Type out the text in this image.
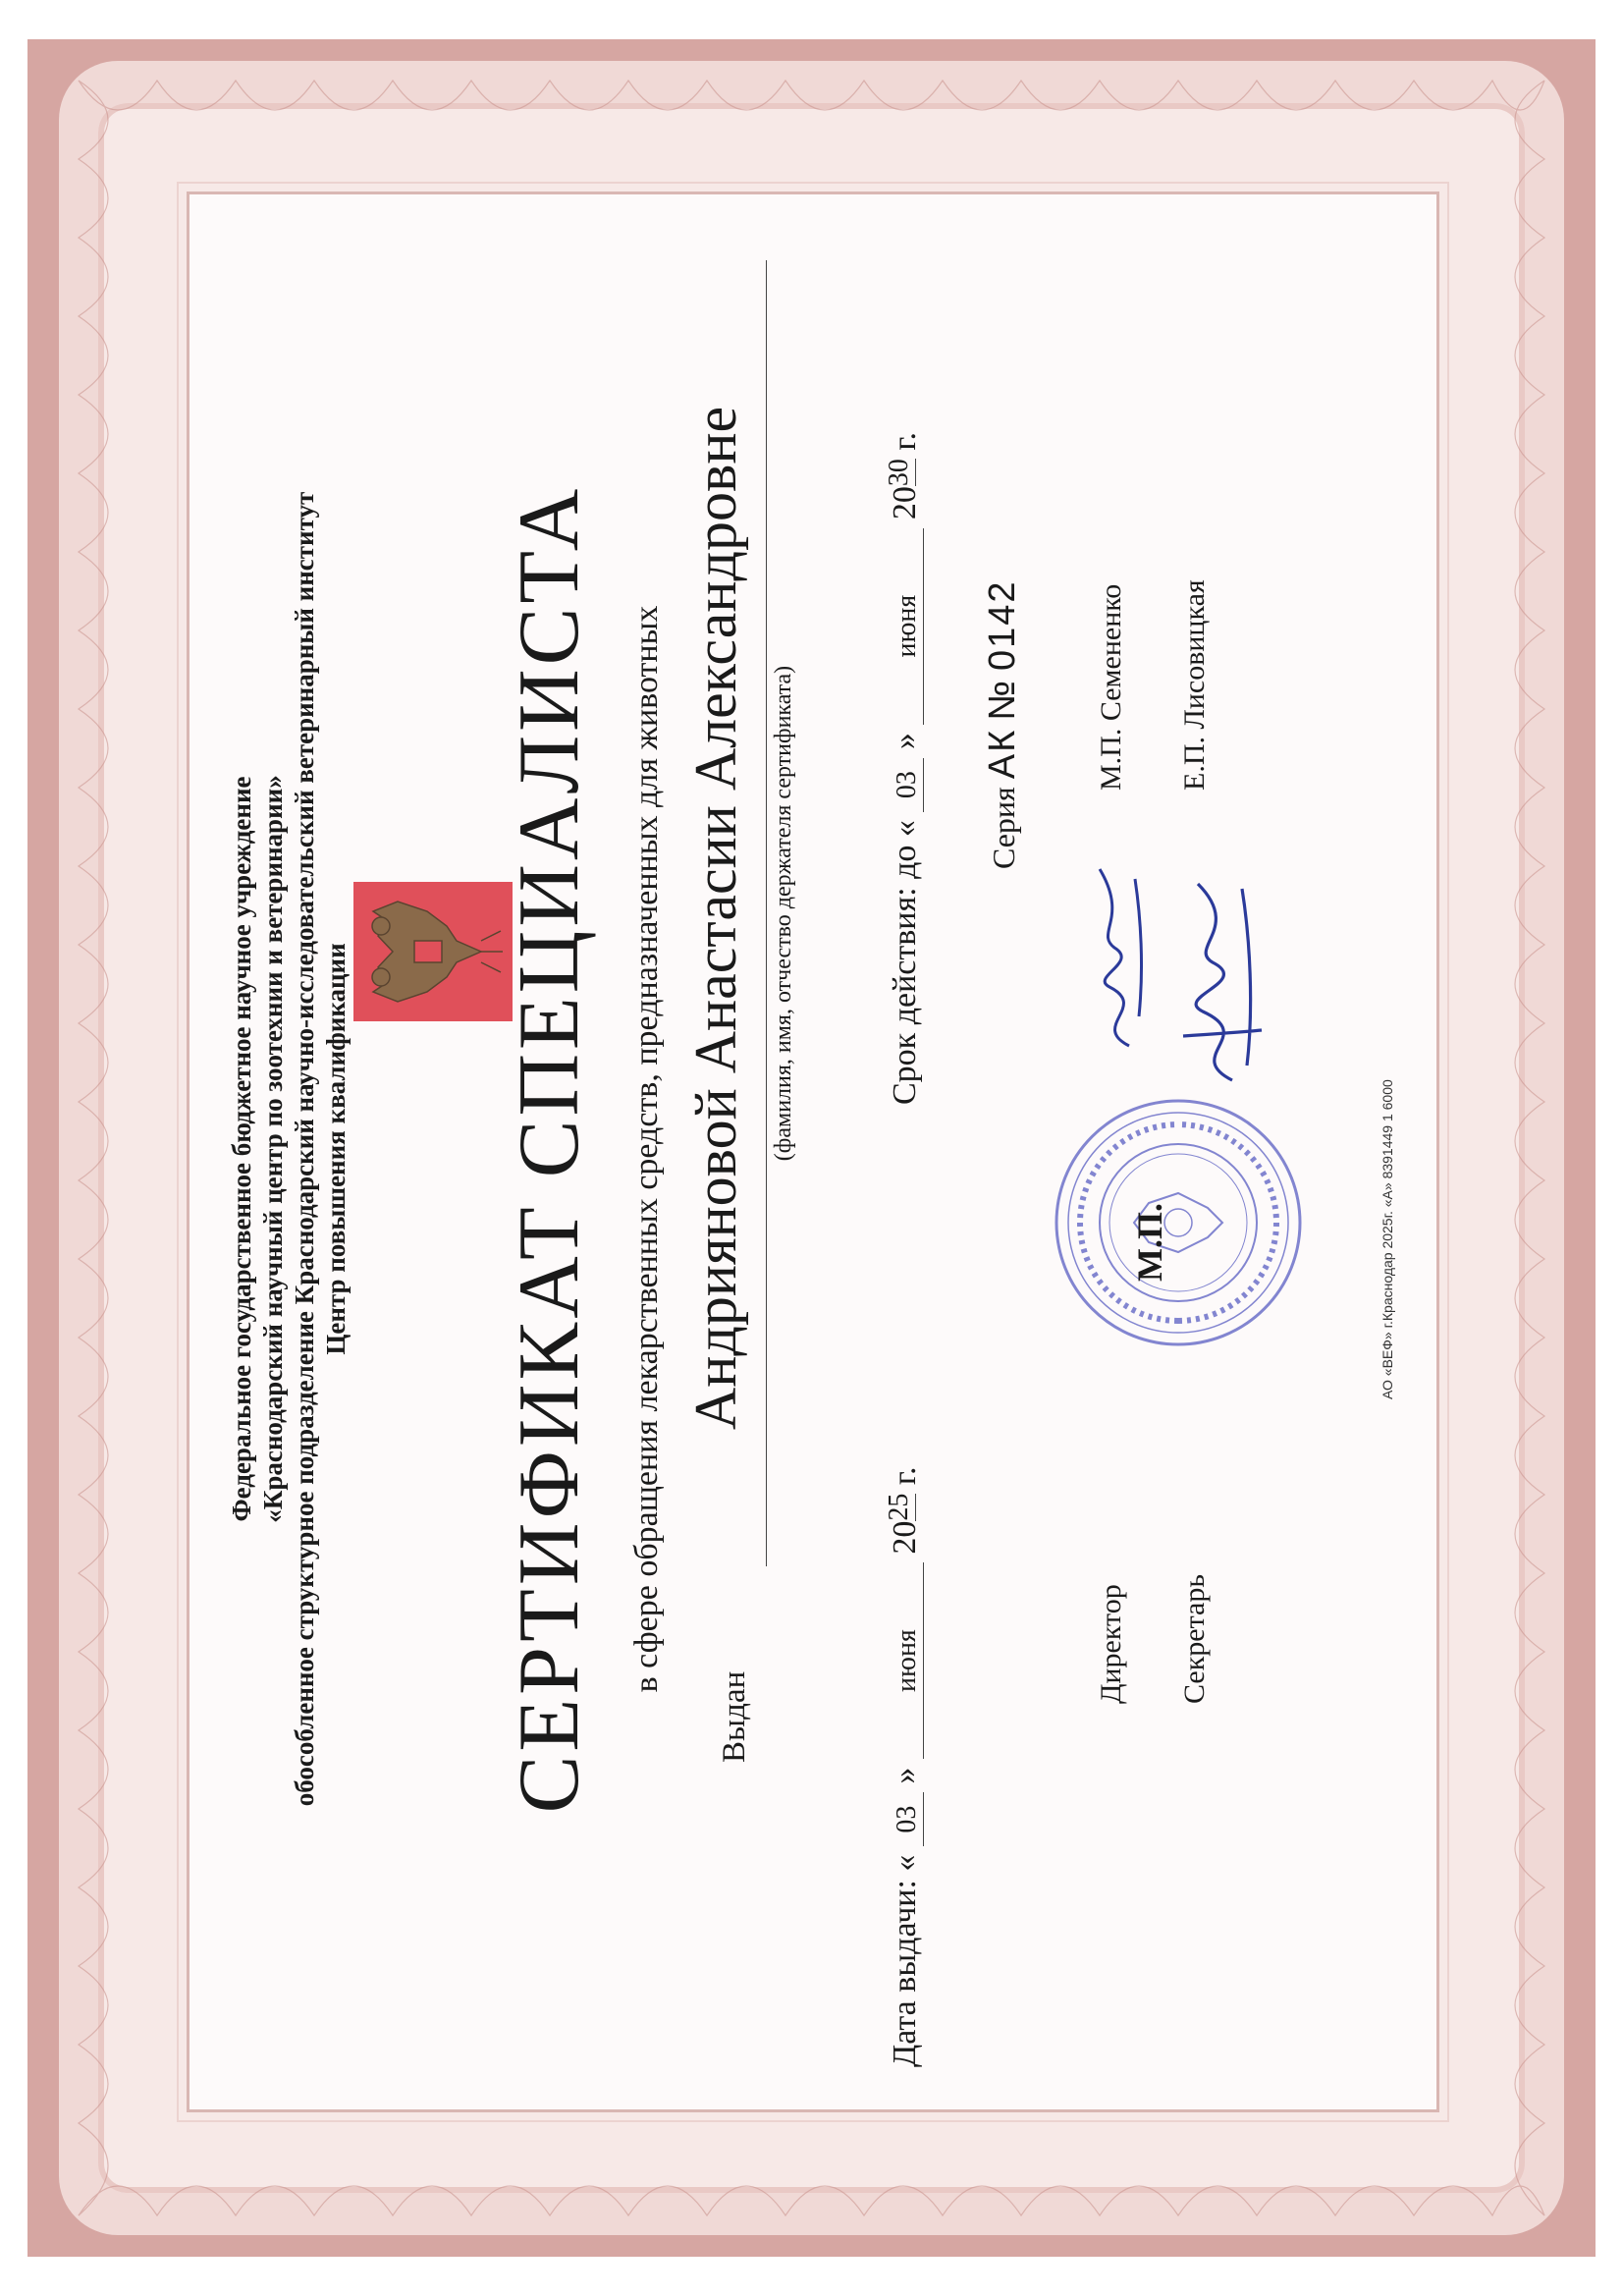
Федеральное государственное бюджетное научное учреждение «Краснодарский научный центр по зоотехнии и ветеринарии» обособленное структурное подразделение Краснодарский научно-исследовательский ветеринарный институт Центр повышения квалификации СЕРТИФИКАТ СПЕЦИАЛИСТА в сфере обращения лекарственных средств, предназначенных для животных
Выдан
Андрияновой Анастасии Александровне (фамилия, имя, отчество держателя сертификата)
Дата выдачи: « 03 » июня 2025 г.
Срок действия: до « 03 » июня 2030 г.
Серия АК № 0142
Директор
М.П. Семененко
Секретарь
Е.П. Лисовицкая
М.П.	АО «ВЕФ» г.Краснодар 2025г. «А» 8391449 1 6000
